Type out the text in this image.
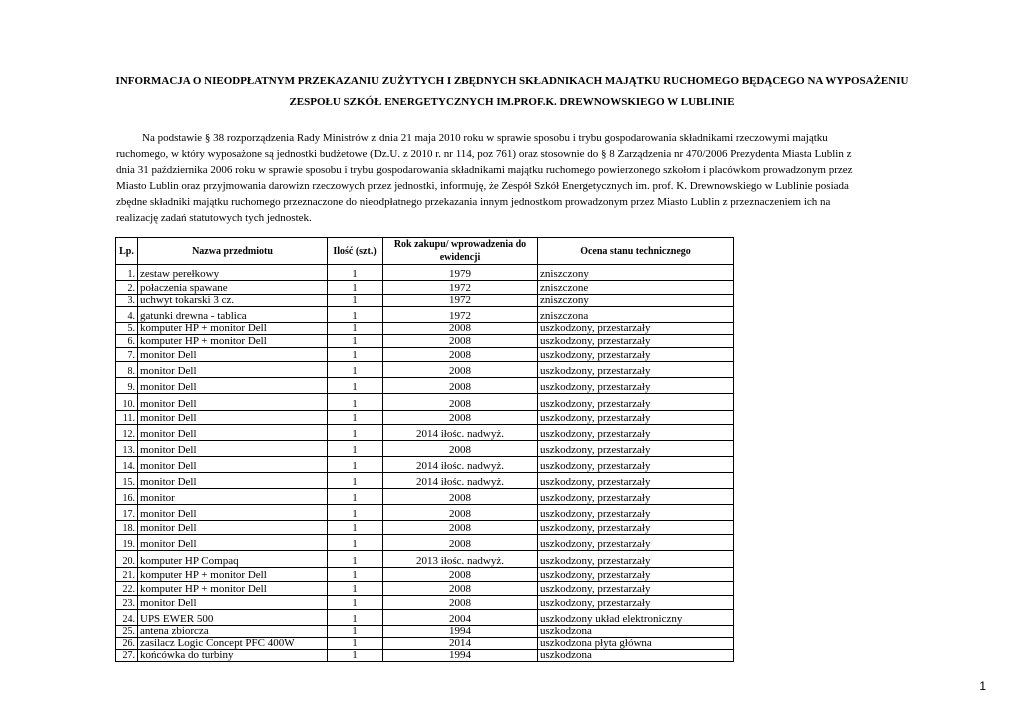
INFORMACJA O NIEODPŁATNYM PRZEKAZANIU ZUŻYTYCH I ZBĘDNYCH SKŁADNIKACH MAJĄTKU RUCHOMEGO BĘDĄCEGO NA WYPOSAŻENIU
ZESPOŁU SZKÓŁ ENERGETYCZNYCH IM.PROF.K. DREWNOWSKIEGO W LUBLINIE
Na podstawie § 38 rozporządzenia Rady Ministrów z dnia 21 maja 2010 roku w sprawie sposobu i trybu gospodarowania składnikami rzeczowymi majątku
ruchomego, w który wyposażone są jednostki budżetowe (Dz.U. z 2010 r. nr 114, poz 761) oraz stosownie do § 8 Zarządzenia nr 470/2006 Prezydenta Miasta Lublin z
dnia 31 października 2006 roku w sprawie sposobu i trybu gospodarowania składnikami majątku ruchomego powierzonego szkołom i placówkom prowadzonym przez
Miasto Lublin oraz przyjmowania darowizn rzeczowych przez jednostki, informuję, że Zespół Szkół Energetycznych im. prof. K. Drewnowskiego w Lublinie posiada
zbędne składniki majątku ruchomego przeznaczone do nieodpłatnego przekazania innym jednostkom prowadzonym przez Miasto Lublin z przeznaczeniem ich na
realizację zadań statutowych tych jednostek.
Lp.	Nazwa przedmiotu	Ilość (szt.)	Rok zakupu/ wprowadzenia do ewidencji	Ocena stanu technicznego
1.	zestaw perełkowy	1	1979	zniszczony
2.	połaczenia spawane	1	1972	zniszczone
3.	uchwyt tokarski 3 cz.	1	1972	zniszczony
4.	gatunki drewna - tablica	1	1972	zniszczona
5.	komputer HP + monitor Dell	1	2008	uszkodzony, przestarzały
6.	komputer HP + monitor Dell	1	2008	uszkodzony, przestarzały
7.	monitor Dell	1	2008	uszkodzony, przestarzały
8.	monitor Dell	1	2008	uszkodzony, przestarzały
9.	monitor Dell	1	2008	uszkodzony, przestarzały
10.	monitor Dell	1	2008	uszkodzony, przestarzały
11.	monitor Dell	1	2008	uszkodzony, przestarzały
12.	monitor Dell	1	2014 iłośc. nadwyż.	uszkodzony, przestarzały
13.	monitor Dell	1	2008	uszkodzony, przestarzały
14.	monitor Dell	1	2014 iłośc. nadwyż.	uszkodzony, przestarzały
15.	monitor Dell	1	2014 iłośc. nadwyż.	uszkodzony, przestarzały
16.	monitor	1	2008	uszkodzony, przestarzały
17.	monitor Dell	1	2008	uszkodzony, przestarzały
18.	monitor Dell	1	2008	uszkodzony, przestarzały
19.	monitor Dell	1	2008	uszkodzony, przestarzały
20.	komputer HP Compaq	1	2013 iłośc. nadwyż.	uszkodzony, przestarzały
21.	komputer HP + monitor Dell	1	2008	uszkodzony, przestarzały
22.	komputer HP + monitor Dell	1	2008	uszkodzony, przestarzały
23.	monitor Dell	1	2008	uszkodzony, przestarzały
24.	UPS EWER 500	1	2004	uszkodzony układ elektroniczny
25.	antena zbiorcza	1	1994	uszkodzona
26.	zasilacz Logic Concept PFC 400W	1	2014	uszkodzona płyta główna
27.	końcówka do turbiny	1	1994	uszkodzona
1
